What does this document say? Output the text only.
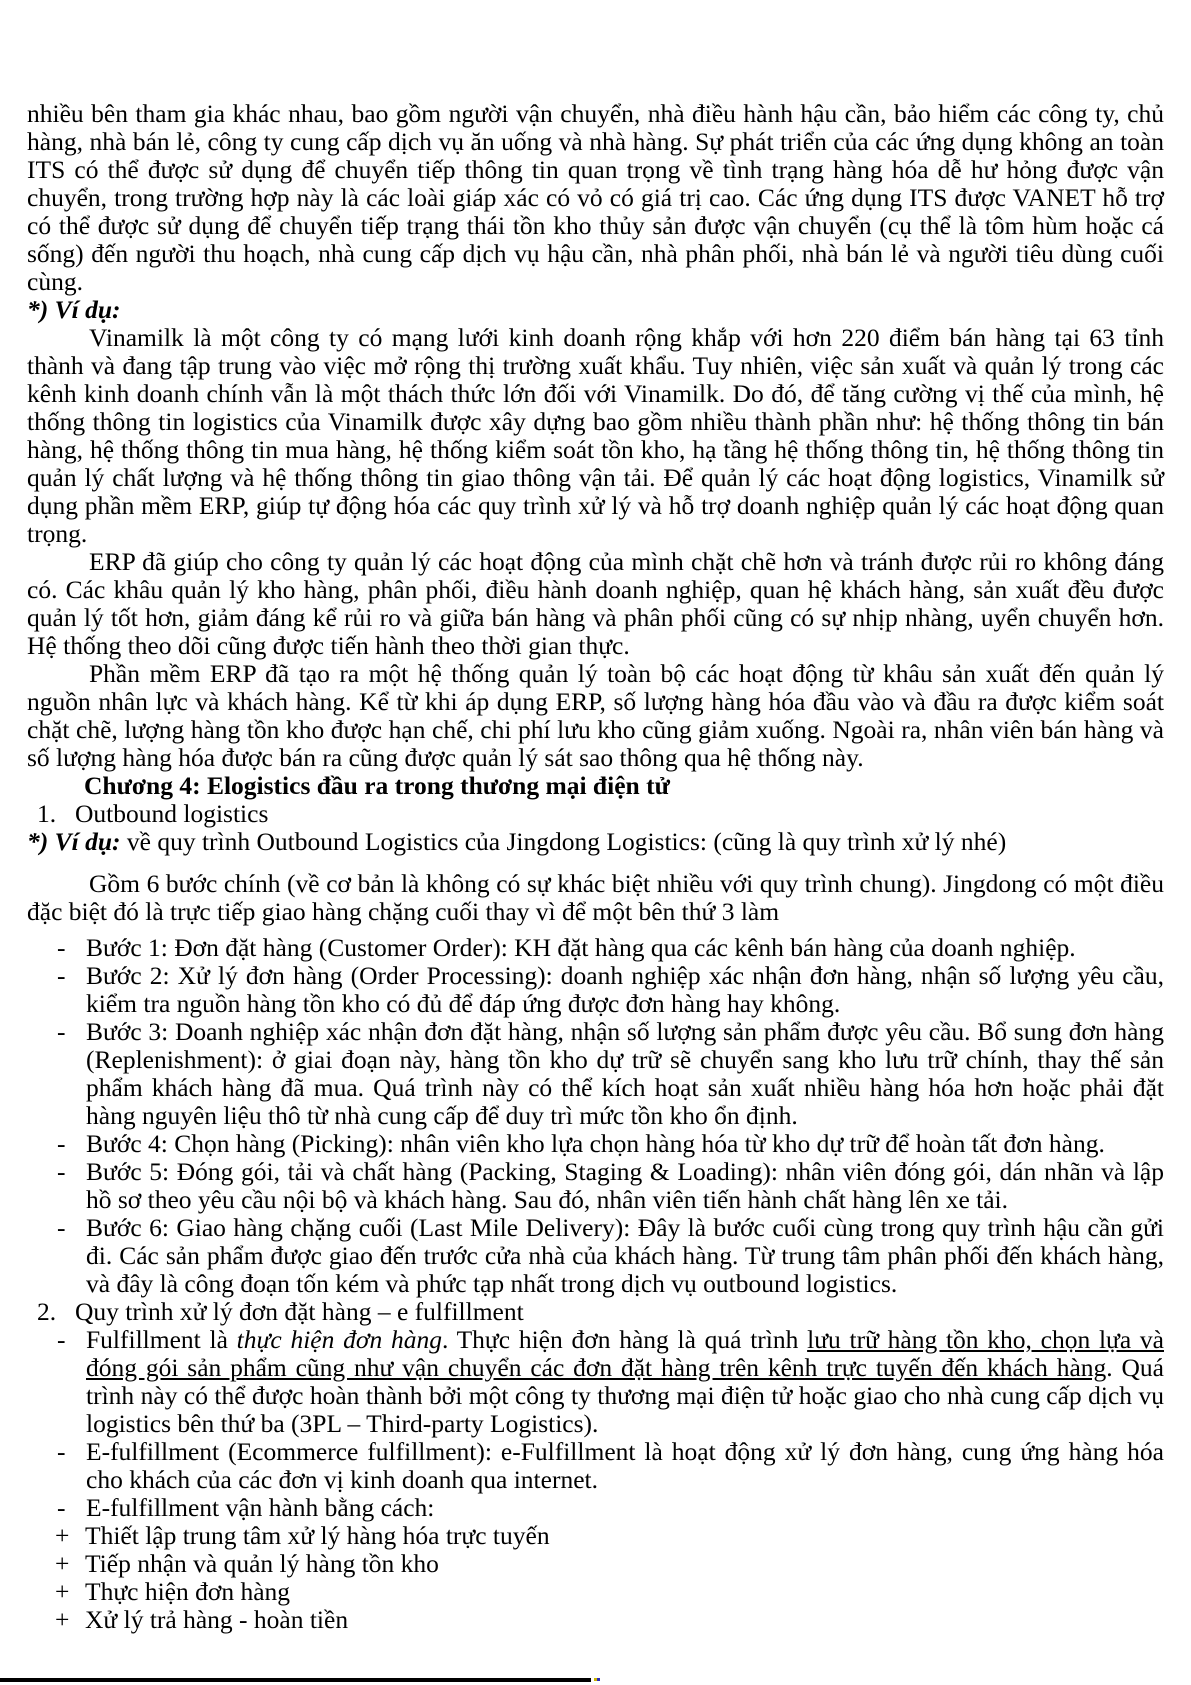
nhiều bên tham gia khác nhau, bao gồm người vận chuyển, nhà điều hành hậu cần, bảo hiểm các công ty, chủ hàng, nhà bán lẻ, công ty cung cấp dịch vụ ăn uống và nhà hàng. Sự phát triển của các ứng dụng không an toàn ITS có thể được sử dụng để chuyển tiếp thông tin quan trọng về tình trạng hàng hóa dễ hư hỏng được vận chuyển, trong trường hợp này là các loài giáp xác có vỏ có giá trị cao. Các ứng dụng ITS được VANET hỗ trợ có thể được sử dụng để chuyển tiếp trạng thái tồn kho thủy sản được vận chuyển (cụ thể là tôm hùm hoặc cá sống) đến người thu hoạch, nhà cung cấp dịch vụ hậu cần, nhà phân phối, nhà bán lẻ và người tiêu dùng cuối cùng.

*) Ví dụ:

Vinamilk là một công ty có mạng lưới kinh doanh rộng khắp với hơn 220 điểm bán hàng tại 63 tỉnh thành và đang tập trung vào việc mở rộng thị trường xuất khẩu. Tuy nhiên, việc sản xuất và quản lý trong các kênh kinh doanh chính vẫn là một thách thức lớn đối với Vinamilk. Do đó, để tăng cường vị thế của mình, hệ thống thông tin logistics của Vinamilk được xây dựng bao gồm nhiều thành phần như: hệ thống thông tin bán hàng, hệ thống thông tin mua hàng, hệ thống kiểm soát tồn kho, hạ tầng hệ thống thông tin, hệ thống thông tin quản lý chất lượng và hệ thống thông tin giao thông vận tải. Để quản lý các hoạt động logistics, Vinamilk sử dụng phần mềm ERP, giúp tự động hóa các quy trình xử lý và hỗ trợ doanh nghiệp quản lý các hoạt động quan trọng.

ERP đã giúp cho công ty quản lý các hoạt động của mình chặt chẽ hơn và tránh được rủi ro không đáng có. Các khâu quản lý kho hàng, phân phối, điều hành doanh nghiệp, quan hệ khách hàng, sản xuất đều được quản lý tốt hơn, giảm đáng kể rủi ro và giữa bán hàng và phân phối cũng có sự nhịp nhàng, uyển chuyển hơn. Hệ thống theo dõi cũng được tiến hành theo thời gian thực.

Phần mềm ERP đã tạo ra một hệ thống quản lý toàn bộ các hoạt động từ khâu sản xuất đến quản lý nguồn nhân lực và khách hàng. Kể từ khi áp dụng ERP, số lượng hàng hóa đầu vào và đầu ra được kiểm soát chặt chẽ, lượng hàng tồn kho được hạn chế, chi phí lưu kho cũng giảm xuống. Ngoài ra, nhân viên bán hàng và số lượng hàng hóa được bán ra cũng được quản lý sát sao thông qua hệ thống này.

Chương 4: Elogistics đầu ra trong thương mại điện tử

1. Outbound logistics

*) Ví dụ: về quy trình Outbound Logistics của Jingdong Logistics: (cũng là quy trình xử lý nhé)

Gồm 6 bước chính (về cơ bản là không có sự khác biệt nhiều với quy trình chung). Jingdong có một điều đặc biệt đó là trực tiếp giao hàng chặng cuối thay vì để một bên thứ 3 làm

- Bước 1: Đơn đặt hàng (Customer Order): KH đặt hàng qua các kênh bán hàng của doanh nghiệp.
- Bước 2: Xử lý đơn hàng (Order Processing): doanh nghiệp xác nhận đơn hàng, nhận số lượng yêu cầu, kiểm tra nguồn hàng tồn kho có đủ để đáp ứng được đơn hàng hay không.
- Bước 3: Doanh nghiệp xác nhận đơn đặt hàng, nhận số lượng sản phẩm được yêu cầu. Bổ sung đơn hàng (Replenishment): ở giai đoạn này, hàng tồn kho dự trữ sẽ chuyển sang kho lưu trữ chính, thay thế sản phẩm khách hàng đã mua. Quá trình này có thể kích hoạt sản xuất nhiều hàng hóa hơn hoặc phải đặt hàng nguyên liệu thô từ nhà cung cấp để duy trì mức tồn kho ổn định.
- Bước 4: Chọn hàng (Picking): nhân viên kho lựa chọn hàng hóa từ kho dự trữ để hoàn tất đơn hàng.
- Bước 5: Đóng gói, tải và chất hàng (Packing, Staging & Loading): nhân viên đóng gói, dán nhãn và lập hồ sơ theo yêu cầu nội bộ và khách hàng. Sau đó, nhân viên tiến hành chất hàng lên xe tải.
- Bước 6: Giao hàng chặng cuối (Last Mile Delivery): Đây là bước cuối cùng trong quy trình hậu cần gửi đi. Các sản phẩm được giao đến trước cửa nhà của khách hàng. Từ trung tâm phân phối đến khách hàng, và đây là công đoạn tốn kém và phức tạp nhất trong dịch vụ outbound logistics.
2. Quy trình xử lý đơn đặt hàng – e fulfillment
- Fulfillment là thực hiện đơn hàng. Thực hiện đơn hàng là quá trình lưu trữ hàng tồn kho, chọn lựa và đóng gói sản phẩm cũng như vận chuyển các đơn đặt hàng trên kênh trực tuyến đến khách hàng. Quá trình này có thể được hoàn thành bởi một công ty thương mại điện tử hoặc giao cho nhà cung cấp dịch vụ logistics bên thứ ba (3PL – Third-party Logistics).
- E-fulfillment (Ecommerce fulfillment): e-Fulfillment là hoạt động xử lý đơn hàng, cung ứng hàng hóa cho khách của các đơn vị kinh doanh qua internet.
- E-fulfillment vận hành bằng cách:
+ Thiết lập trung tâm xử lý hàng hóa trực tuyến
+ Tiếp nhận và quản lý hàng tồn kho
+ Thực hiện đơn hàng
+ Xử lý trả hàng - hoàn tiền
